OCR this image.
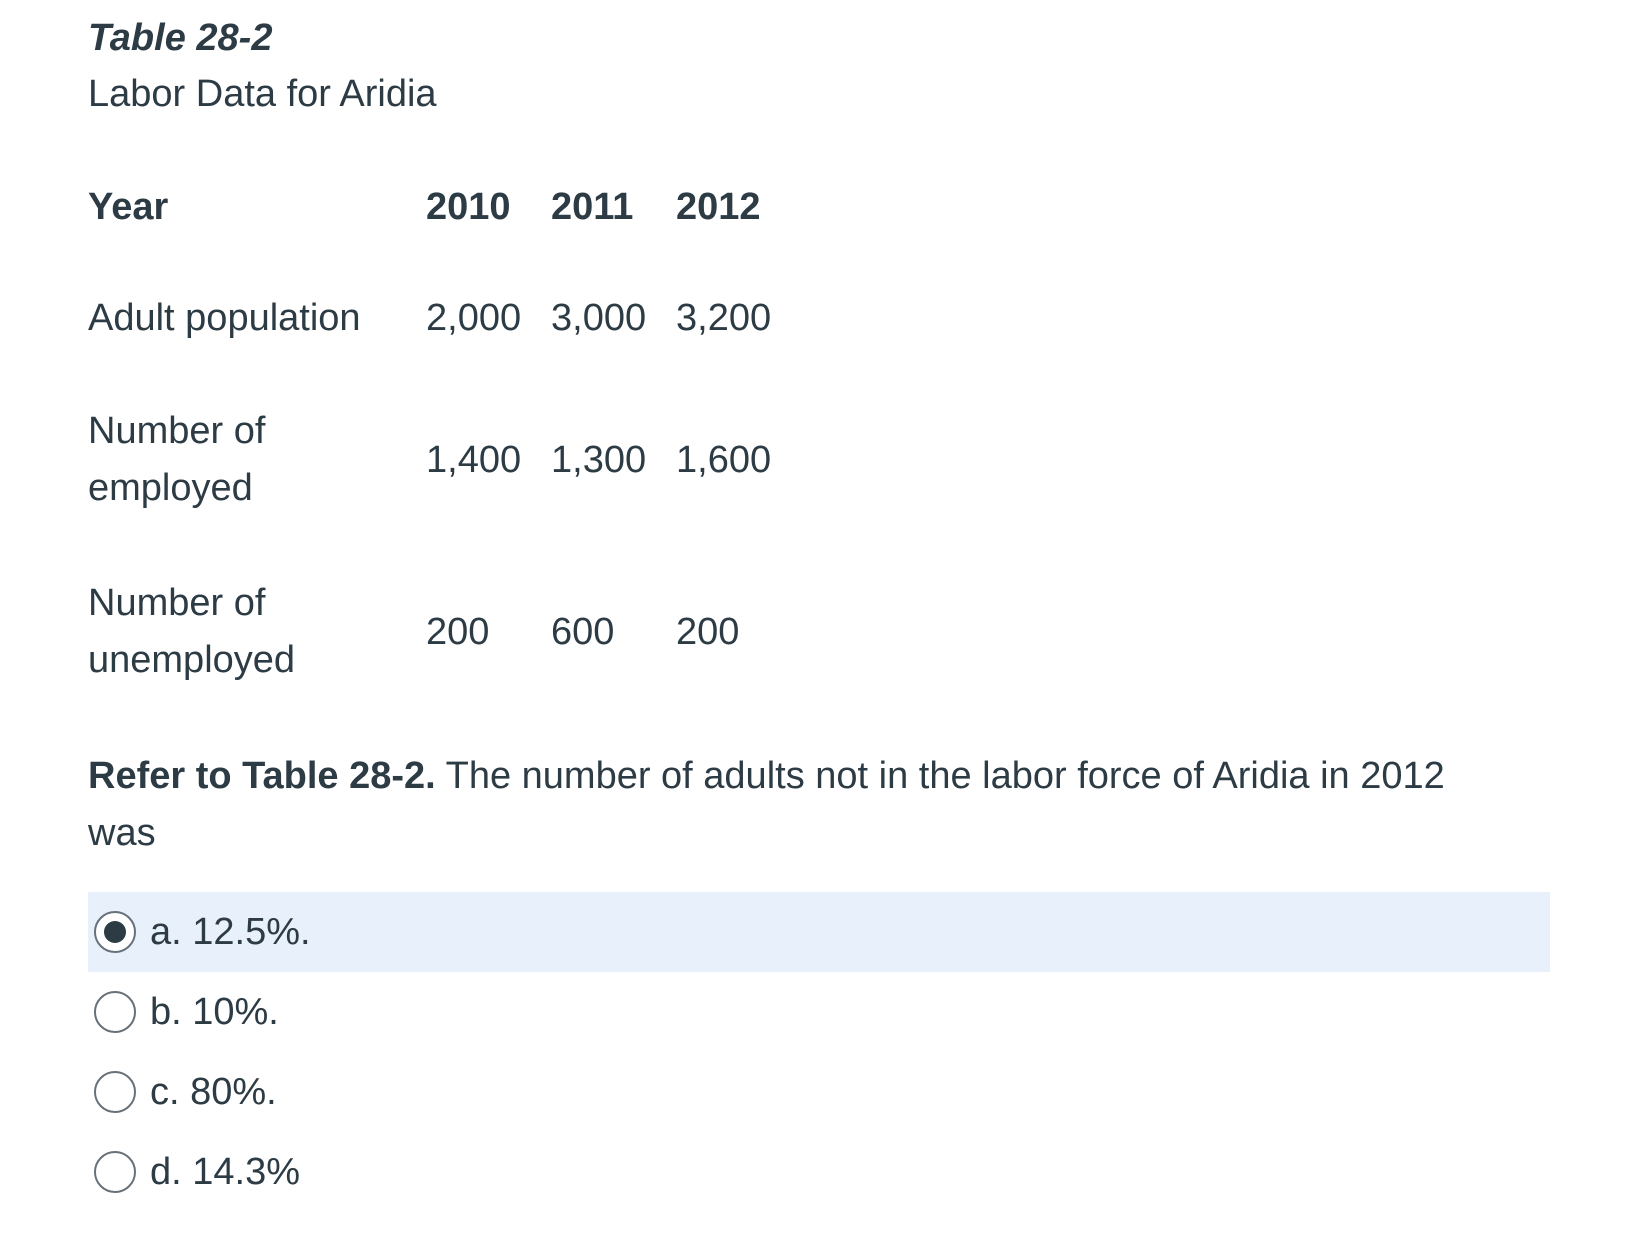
Table 28-2
Labor Data for Aridia
Year	2010	2011	2012
Adult population	2,000	3,000	3,200
Number of
employed	1,400	1,300	1,600
Number of
unemployed	200	600	200
Refer to Table 28-2. The number of adults not in the labor force of Aridia in 2012 was
a. 12.5%.
b. 10%.
c. 80%.
d. 14.3%
